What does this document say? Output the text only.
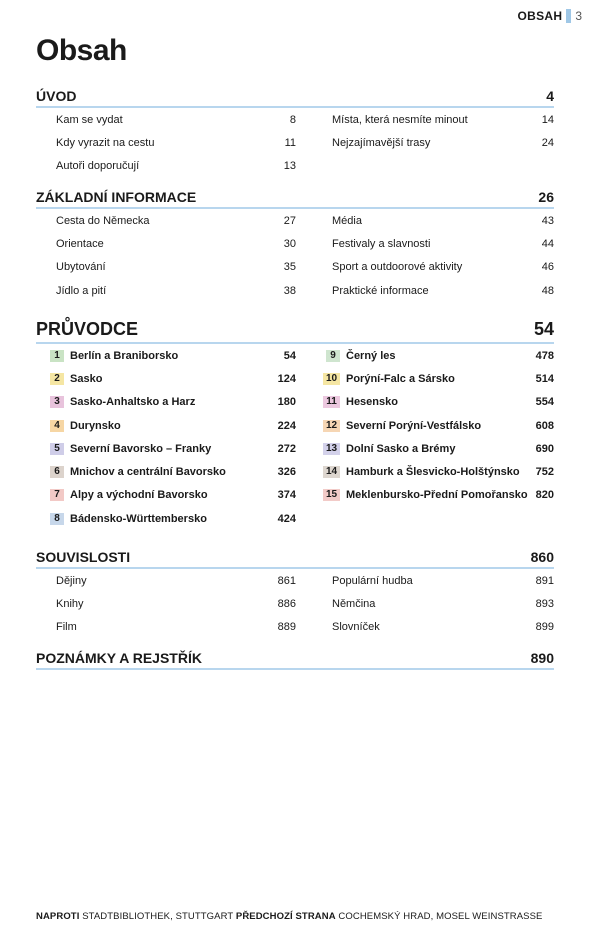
OBSAH 3
Obsah
ÚVOD	4
Kam se vydat	8
Kdy vyrazit na cestu	11
Autoři doporučují	13
Místa, která nesmíte minout	14
Nejzajímavější trasy	24
ZÁKLADNÍ INFORMACE	26
Cesta do Německa	27
Orientace	30
Ubytování	35
Jídlo a pití	38
Média	43
Festivaly a slavnosti	44
Sport a outdoorové aktivity	46
Praktické informace	48
PRŮVODCE	54
1 Berlín a Braniborsko	54
2 Sasko	124
3 Sasko-Anhaltsko a Harz	180
4 Durynsko	224
5 Severní Bavorsko – Franky	272
6 Mnichov a centrální Bavorsko	326
7 Alpy a východní Bavorsko	374
8 Bádensko-Württembersko	424
9 Černý les	478
10 Porýní-Falc a Sársko	514
11 Hesensko	554
12 Severní Porýní-Vestfálsko	608
13 Dolní Sasko a Brémy	690
14 Hamburk a Šlesvicko-Holštýnsko 752
15 Meklenbursko-Přední Pomořansko 820
SOUVISLOSTI	860
Dějiny	861
Knihy	886
Film	889
Populární hudba	891
Němčina	893
Slovníček	899
POZNÁMKY A REJSTŘÍK	890
NAPROTI STADTBIBLIOTHEK, STUTTGART PŘEDCHOZÍ STRANA COCHEMSKÝ HRAD, MOSEL WEINSTRASSE
